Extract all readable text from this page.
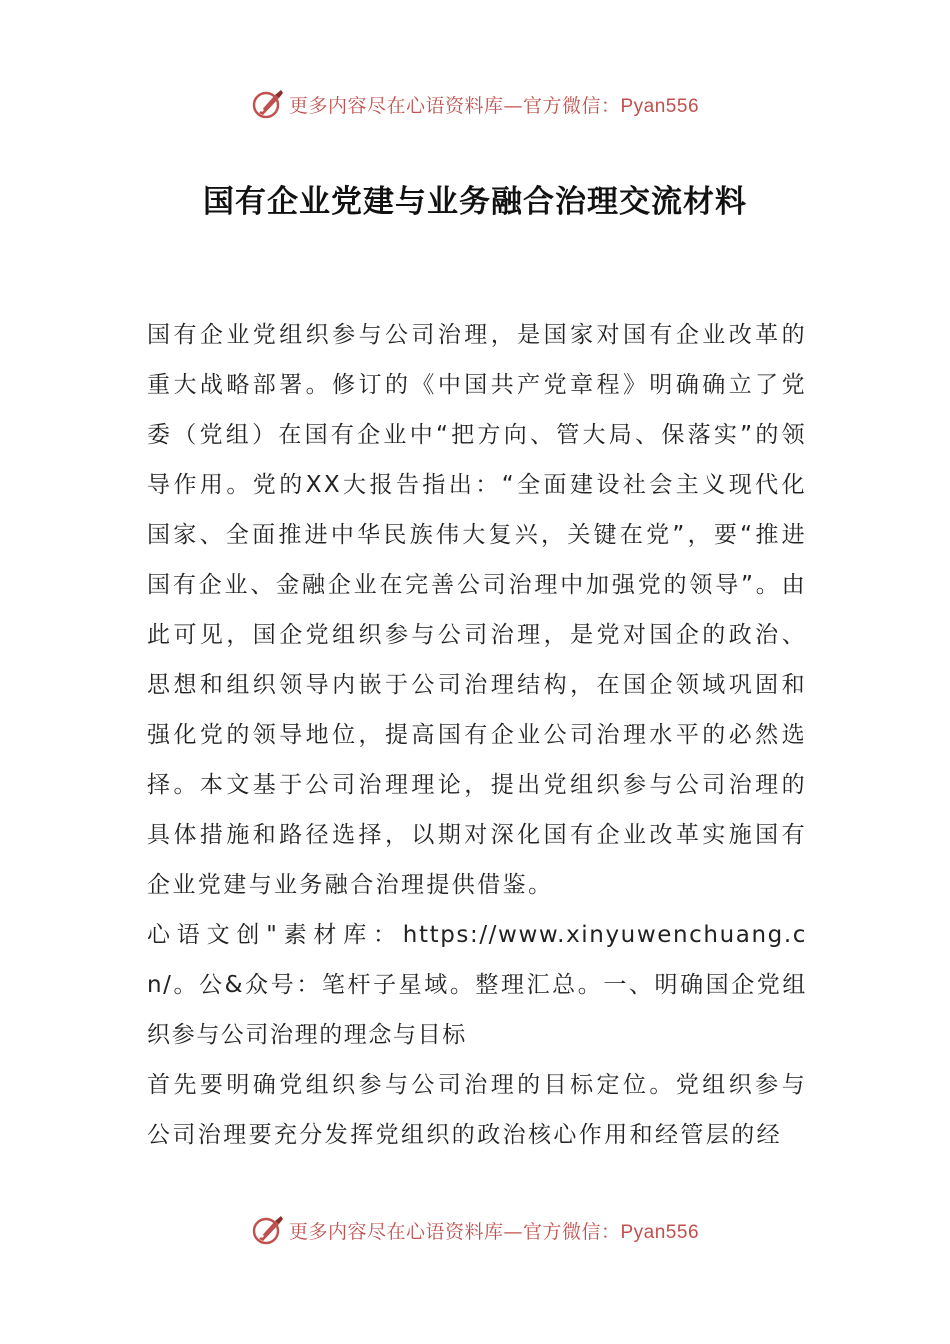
更多内容尽在心语资料库—官方微信：Pyan556
国有企业党建与业务融合治理交流材料

国有企业党组织参与公司治理，是国家对国有企业改革的重大战略部署。修订的《中国共产党章程》明确确立了党委（党组）在国有企业中“把方向、管大局、保落实”的领导作用。党的XX大报告指出：“全面建设社会主义现代化国家、全面推进中华民族伟大复兴，关键在党”，要“推进国有企业、金融企业在完善公司治理中加强党的领导”。由此可见，国企党组织参与公司治理，是党对国企的政治、思想和组织领导内嵌于公司治理结构，在国企领域巩固和强化党的领导地位，提高国有企业公司治理水平的必然选择。本文基于公司治理理论，提出党组织参与公司治理的具体措施和路径选择，以期对深化国有企业改革实施国有企业党建与业务融合治理提供借鉴。

心语文创"素材库：https://www.xinyuwenchuang.cn/。公&众号：笔杆子星域。整理汇总。一、明确国企党组织参与公司治理的理念与目标

首先要明确党组织参与公司治理的目标定位。党组织参与公司治理要充分发挥党组织的政治核心作用和经管层的经

更多内容尽在心语资料库—官方微信：Pyan556
